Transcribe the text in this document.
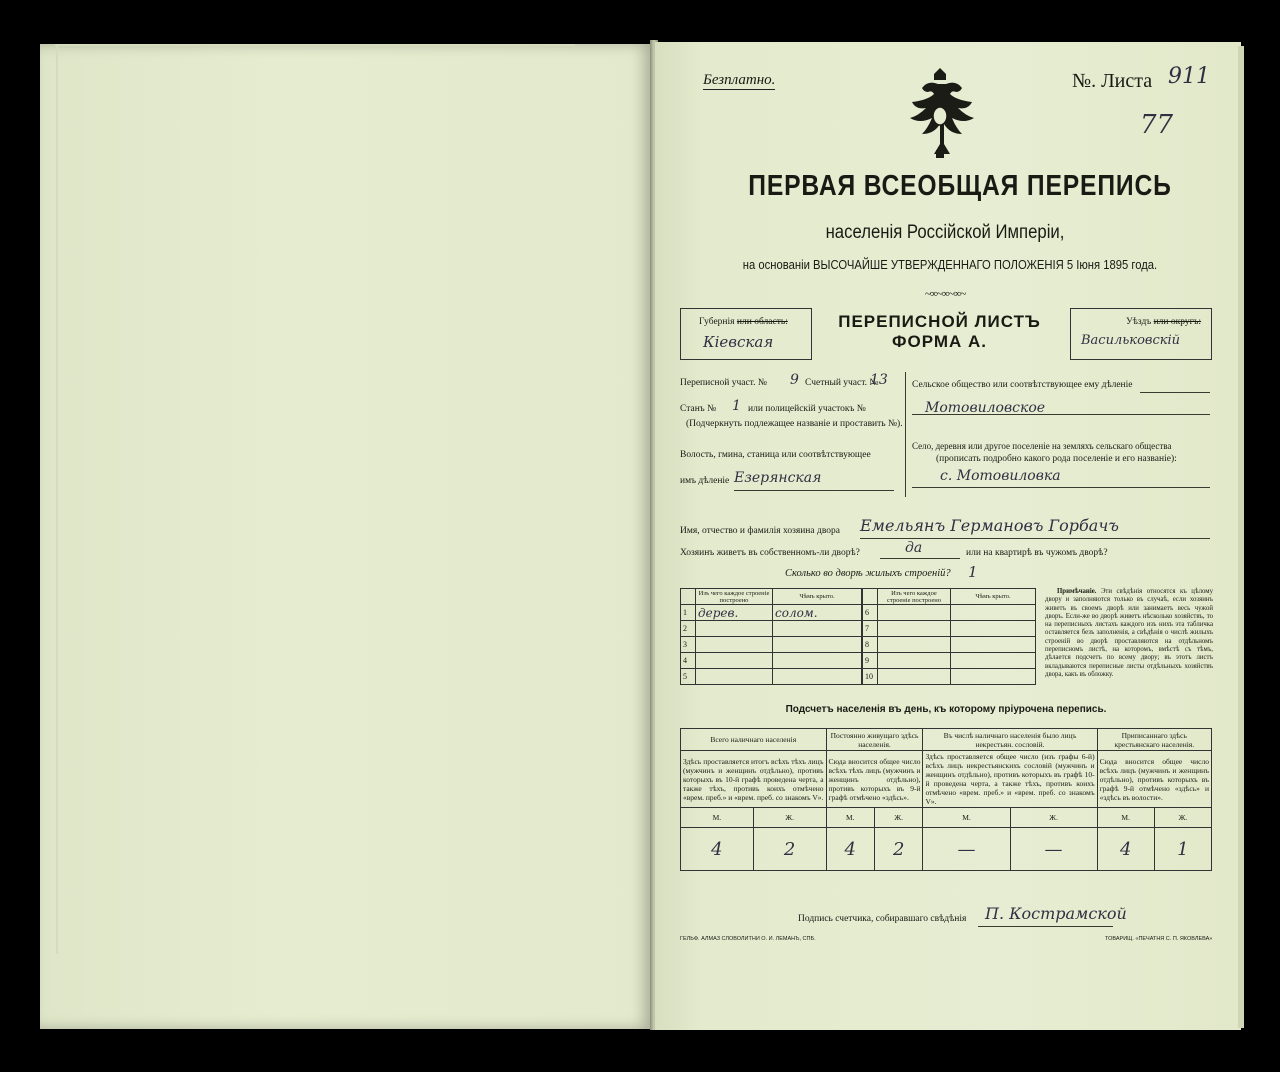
Безплатно.	№. Листа 911
77
ПЕРВАЯ ВСЕОБЩАЯ ПЕРЕПИСЬ
населенія Россійской Имперіи,
на основаніи ВЫСОЧАЙШЕ УТВЕРЖДЕННАГО ПОЛОЖЕНІЯ 5 Іюня 1895 года.
~∞~∞~∞~
Губернія или область:
Кіевская
ПЕРЕПИСНОЙ ЛИСТЪ
ФОРМА А.
Уѣздъ или округъ:
Васильковскій
Переписной участ. № 9 Счетный участ. №
13
Станъ № 1 или полицейскій участокъ №
(Подчеркнуть подлежащее названіе и проставить №).
Волость, гмина, станица или соотвѣтствующее
имъ дѣленіе Езерянская
Сельское общество или соотвѣтствующее ему дѣленіе
Мотовиловское
Село, деревня или другое поселеніе на земляхъ сельскаго общества
(прописать подробно какого рода поселеніе и его названіе):
с. Мотовиловка
Имя, отчество и фамилія хозяина двора Емельянъ Германовъ Горбачъ
Хозяинъ живетъ въ собственномъ-ли дворѣ?	да	или на квартирѣ въ чужомъ дворѣ?
Сколько во дворѣ жилыхъ строеній? 1
	Изъ чего каждое строеніе построено	Чѣмъ крыто.
1	дерев.	солом.
2		
3		
4		
5		
	Изъ чего каждое строеніе построено	Чѣмъ крыто.
6		
7		
8		
9		
10		
Примѣчаніе. Эти свѣдѣнія относятся къ цѣлому двору и заполняются только въ случаѣ, если хозяинъ живетъ въ своемъ дворѣ или занимаетъ весь чужой дворъ. Если-же во дворѣ живетъ нѣсколько хозяйствъ, то на переписныхъ листахъ каждого изъ нихъ эта табличка оставляется безъ заполненія, а свѣдѣнія о числѣ жилыхъ строеній во дворѣ проставляются на отдѣльномъ переписномъ листѣ, на которомъ, вмѣстѣ съ тѣмъ, дѣлается подсчетъ по всему двору; въ этотъ листъ вкладываются переписные листы отдѣльныхъ хозяйствъ двора, какъ въ обложку.
Подсчетъ населенія въ день, къ которому пріурочена перепись.
Всего наличнаго населенія		Постоянно живущаго здѣсь населенія.		Въ числѣ наличнаго населенія было лицъ некрестьян. сословій.		Приписаннаго здѣсь крестьянскаго населенія.	
Здѣсь проставляется итогъ всѣхъ тѣхъ лицъ (мужчинъ и женщинъ отдѣльно), противъ которыхъ въ 10-й графѣ проведена черта, а также тѣхъ, противъ коихъ отмѣчено «врем. преб.» и «врем. преб. со знакомъ V».		Сюда вносится общее число всѣхъ тѣхъ лицъ (мужчинъ и женщинъ отдѣльно), противъ которыхъ въ 9-й графѣ отмѣчено «здѣсь».		Здѣсь проставляется общее число (изъ графы 6-й) всѣхъ лицъ некрестьянскихъ сословій (мужчинъ и женщинъ отдѣльно), противъ которыхъ въ графѣ 10-й проведена черта, а также тѣхъ, противъ коихъ отмѣчено «врем. преб.» и «врем. преб. со знакомъ V».		Сюда вносится общее число всѣхъ лицъ (мужчинъ и женщинъ отдѣльно), противъ которыхъ въ графѣ 9-й отмѣчено «здѣсь» и «здѣсь въ волости».	
М.	Ж.	М.	Ж.	М.	Ж.	М.	Ж.
4	2	4	2	—	—	4	1
Подпись счетчика, собиравшаго свѣдѣнія П. Кострамской
ГЕЛЬФ. АЛМАЗ СЛОВОЛИТНИ О. И. ЛЕМАНЪ, СПБ.	ТОВАРИЩ. «ПЕЧАТНЯ С. П. ЯКОВЛЕВА»
